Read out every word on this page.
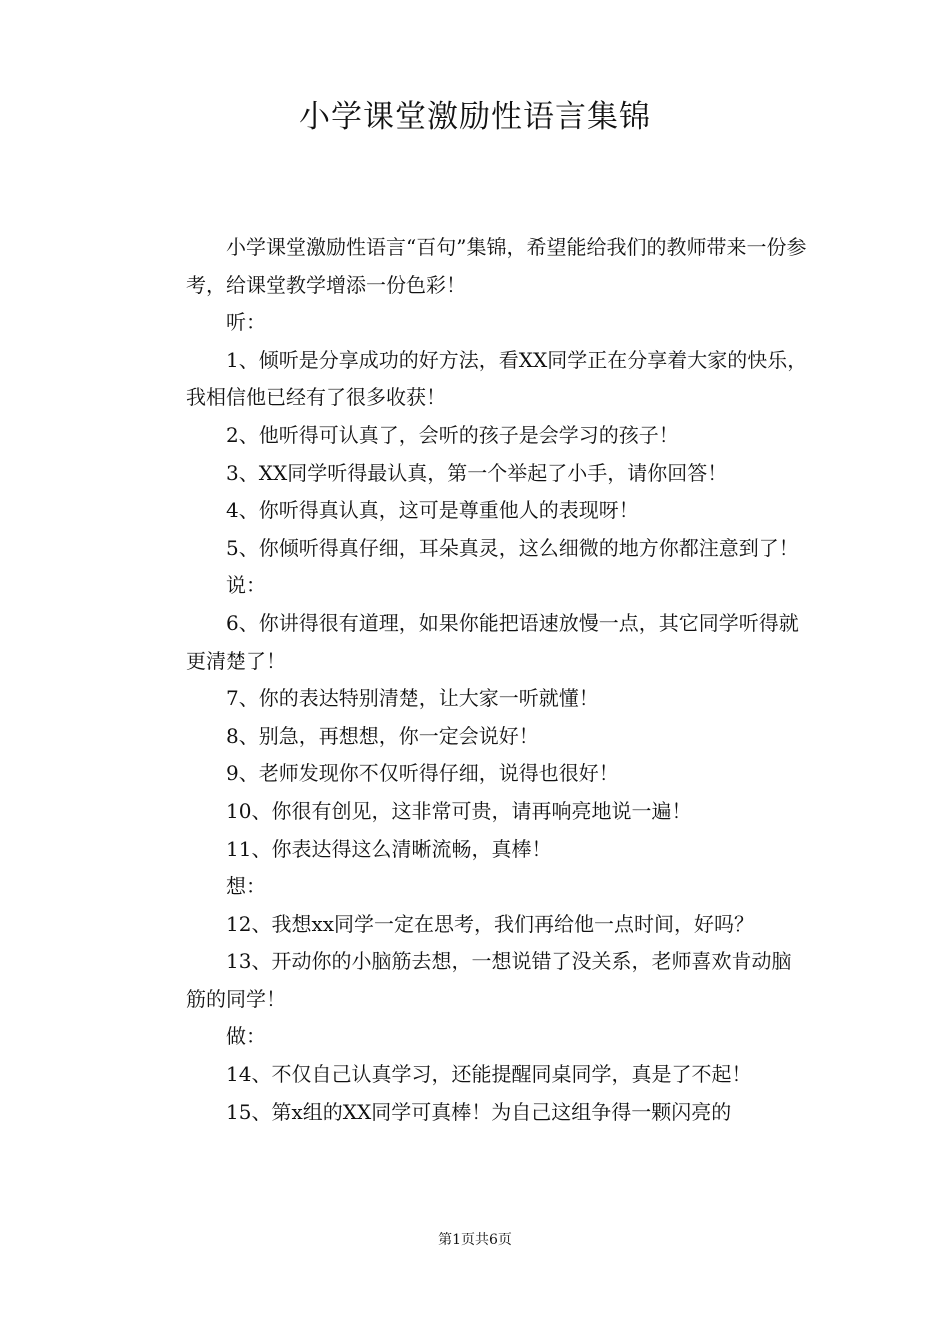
小学课堂激励性语言集锦

小学课堂激励性语言“百句”集锦，希望能给我们的教师带来一份参考，给课堂教学增添一份色彩！

听：

1、倾听是分享成功的好方法，看XX同学正在分享着大家的快乐，我相信他已经有了很多收获！

2、他听得可认真了，会听的孩子是会学习的孩子！

3、XX同学听得最认真，第一个举起了小手，请你回答！

4、你听得真认真，这可是尊重他人的表现呀！

5、你倾听得真仔细，耳朵真灵，这么细微的地方你都注意到了！

说：

6、你讲得很有道理，如果你能把语速放慢一点，其它同学听得就更清楚了！

7、你的表达特别清楚，让大家一听就懂！

8、别急，再想想，你一定会说好！

9、老师发现你不仅听得仔细，说得也很好！

10、你很有创见，这非常可贵，请再响亮地说一遍！

11、你表达得这么清晰流畅，真棒！

想：

12、我想xx同学一定在思考，我们再给他一点时间，好吗？

13、开动你的小脑筋去想，一想说错了没关系，老师喜欢肯动脑筋的同学！

做：

14、不仅自己认真学习，还能提醒同桌同学，真是了不起！

15、第x组的XX同学可真棒！为自己这组争得一颗闪亮的

第1页共6页
